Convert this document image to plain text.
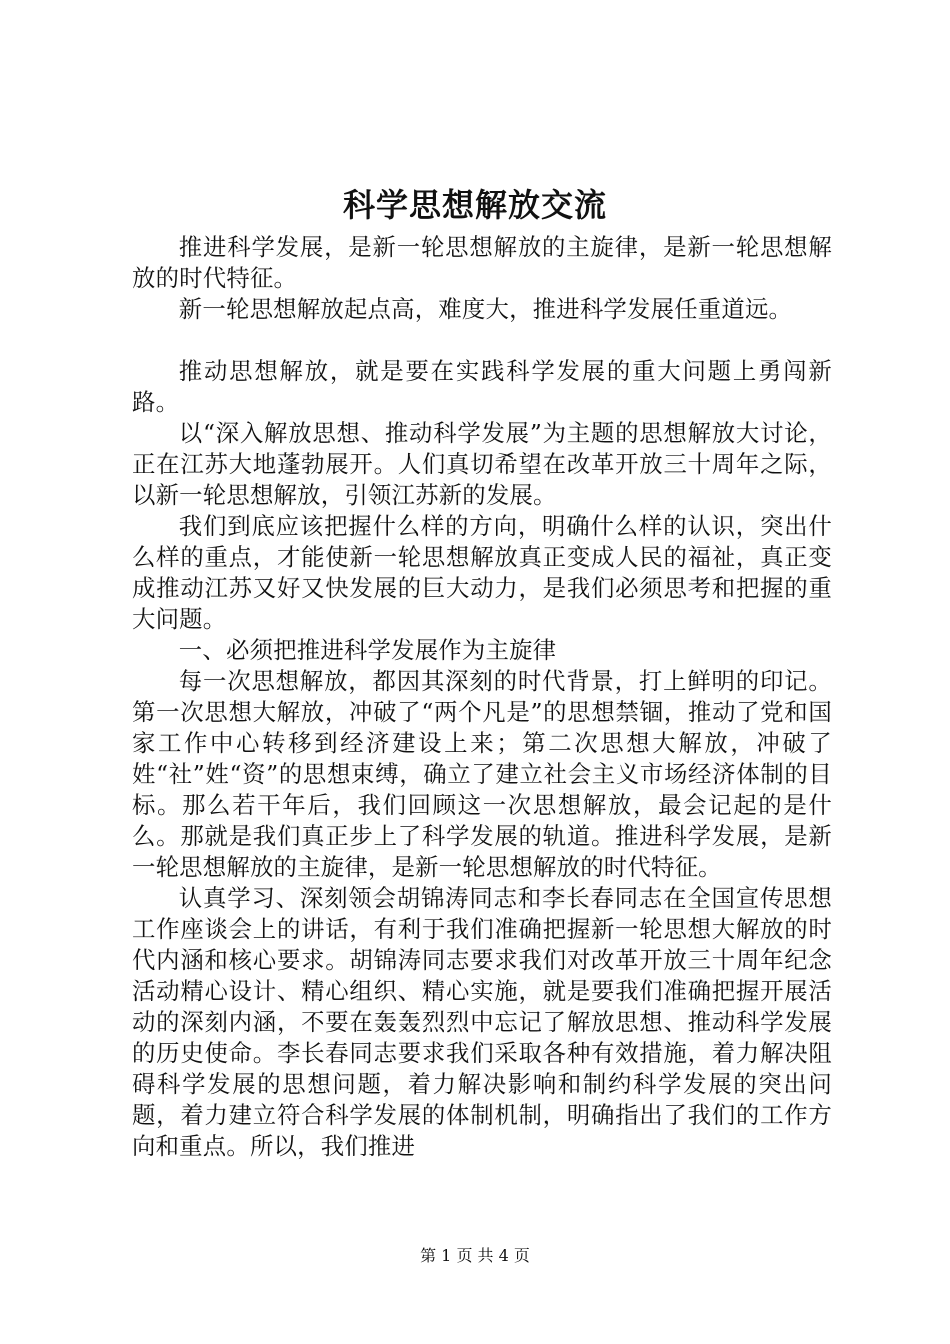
科学思想解放交流

推进科学发展，是新一轮思想解放的主旋律，是新一轮思想解放的时代特征。

新一轮思想解放起点高，难度大，推进科学发展任重道远。

推动思想解放，就是要在实践科学发展的重大问题上勇闯新路。

以“深入解放思想、推动科学发展”为主题的思想解放大讨论，正在江苏大地蓬勃展开。人们真切希望在改革开放三十周年之际，以新一轮思想解放，引领江苏新的发展。

我们到底应该把握什么样的方向，明确什么样的认识，突出什么样的重点，才能使新一轮思想解放真正变成人民的福祉，真正变成推动江苏又好又快发展的巨大动力，是我们必须思考和把握的重大问题。

一、必须把推进科学发展作为主旋律

每一次思想解放，都因其深刻的时代背景，打上鲜明的印记。第一次思想大解放，冲破了“两个凡是”的思想禁锢，推动了党和国家工作中心转移到经济建设上来；第二次思想大解放，冲破了姓“社”姓“资”的思想束缚，确立了建立社会主义市场经济体制的目标。那么若干年后，我们回顾这一次思想解放，最会记起的是什么。那就是我们真正步上了科学发展的轨道。推进科学发展，是新一轮思想解放的主旋律，是新一轮思想解放的时代特征。

认真学习、深刻领会胡锦涛同志和李长春同志在全国宣传思想工作座谈会上的讲话，有利于我们准确把握新一轮思想大解放的时代内涵和核心要求。胡锦涛同志要求我们对改革开放三十周年纪念活动精心设计、精心组织、精心实施，就是要我们准确把握开展活动的深刻内涵，不要在轰轰烈烈中忘记了解放思想、推动科学发展的历史使命。李长春同志要求我们采取各种有效措施，着力解决阻碍科学发展的思想问题，着力解决影响和制约科学发展的突出问题，着力建立符合科学发展的体制机制，明确指出了我们的工作方向和重点。所以，我们推进

第 1 页 共 4 页
